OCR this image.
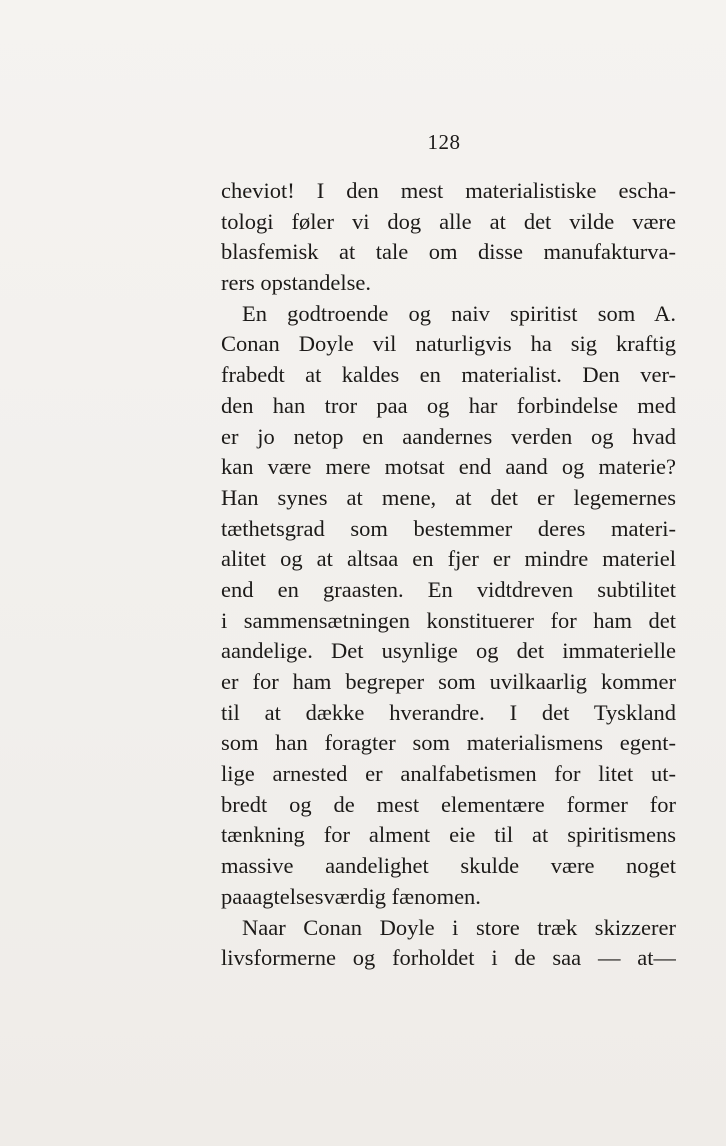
128
cheviot! I den mest materialistiske escha-
tologi føler vi dog alle at det vilde være
blasfemisk at tale om disse manufakturva-
rers opstandelse.
En godtroende og naiv spiritist som A.
Conan Doyle vil naturligvis ha sig kraftig
frabedt at kaldes en materialist. Den ver-
den han tror paa og har forbindelse med
er jo netop en aandernes verden og hvad
kan være mere motsat end aand og materie?
Han synes at mene, at det er legemernes
tæthetsgrad som bestemmer deres materi-
alitet og at altsaa en fjer er mindre materiel
end en graasten. En vidtdreven subtilitet
i sammensætningen konstituerer for ham det
aandelige. Det usynlige og det immaterielle
er for ham begreper som uvilkaarlig kommer
til at dække hverandre. I det Tyskland
som han foragter som materialismens egent-
lige arnested er analfabetismen for litet ut-
bredt og de mest elementære former for
tænkning for alment eie til at spiritismens
massive aandelighet skulde være noget
paaagtelsesværdig fænomen.
Naar Conan Doyle i store træk skizzerer
livsformerne og forholdet i de saa — at—
